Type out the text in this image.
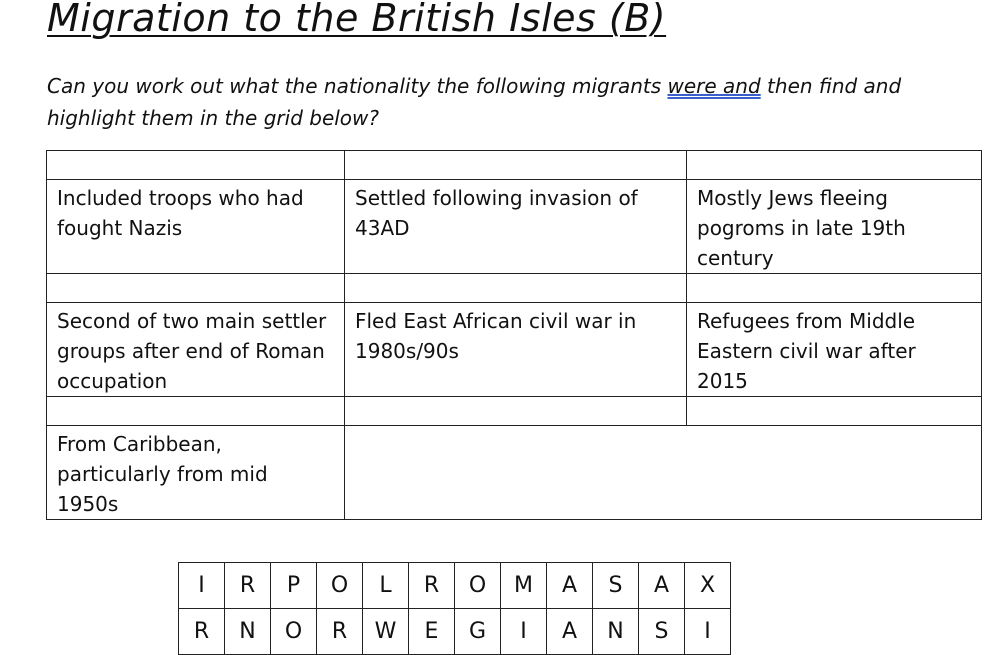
Migration to the British Isles (B)
Can you work out what the nationality the following migrants were and then find and highlight them in the grid below?

Included troops who had fought Nazis	Settled following invasion of 43AD	Mostly Jews fleeing pogroms in late 19th century

Second of two main settler groups after end of Roman occupation	Fled East African civil war in 1980s/90s	Refugees from Middle Eastern civil war after 2015

From Caribbean, particularly from mid 1950s		
I	R	P	O	L	R	O	M	A	S	A	X
R	N	O	R	W	E	G	I	A	N	S	I
